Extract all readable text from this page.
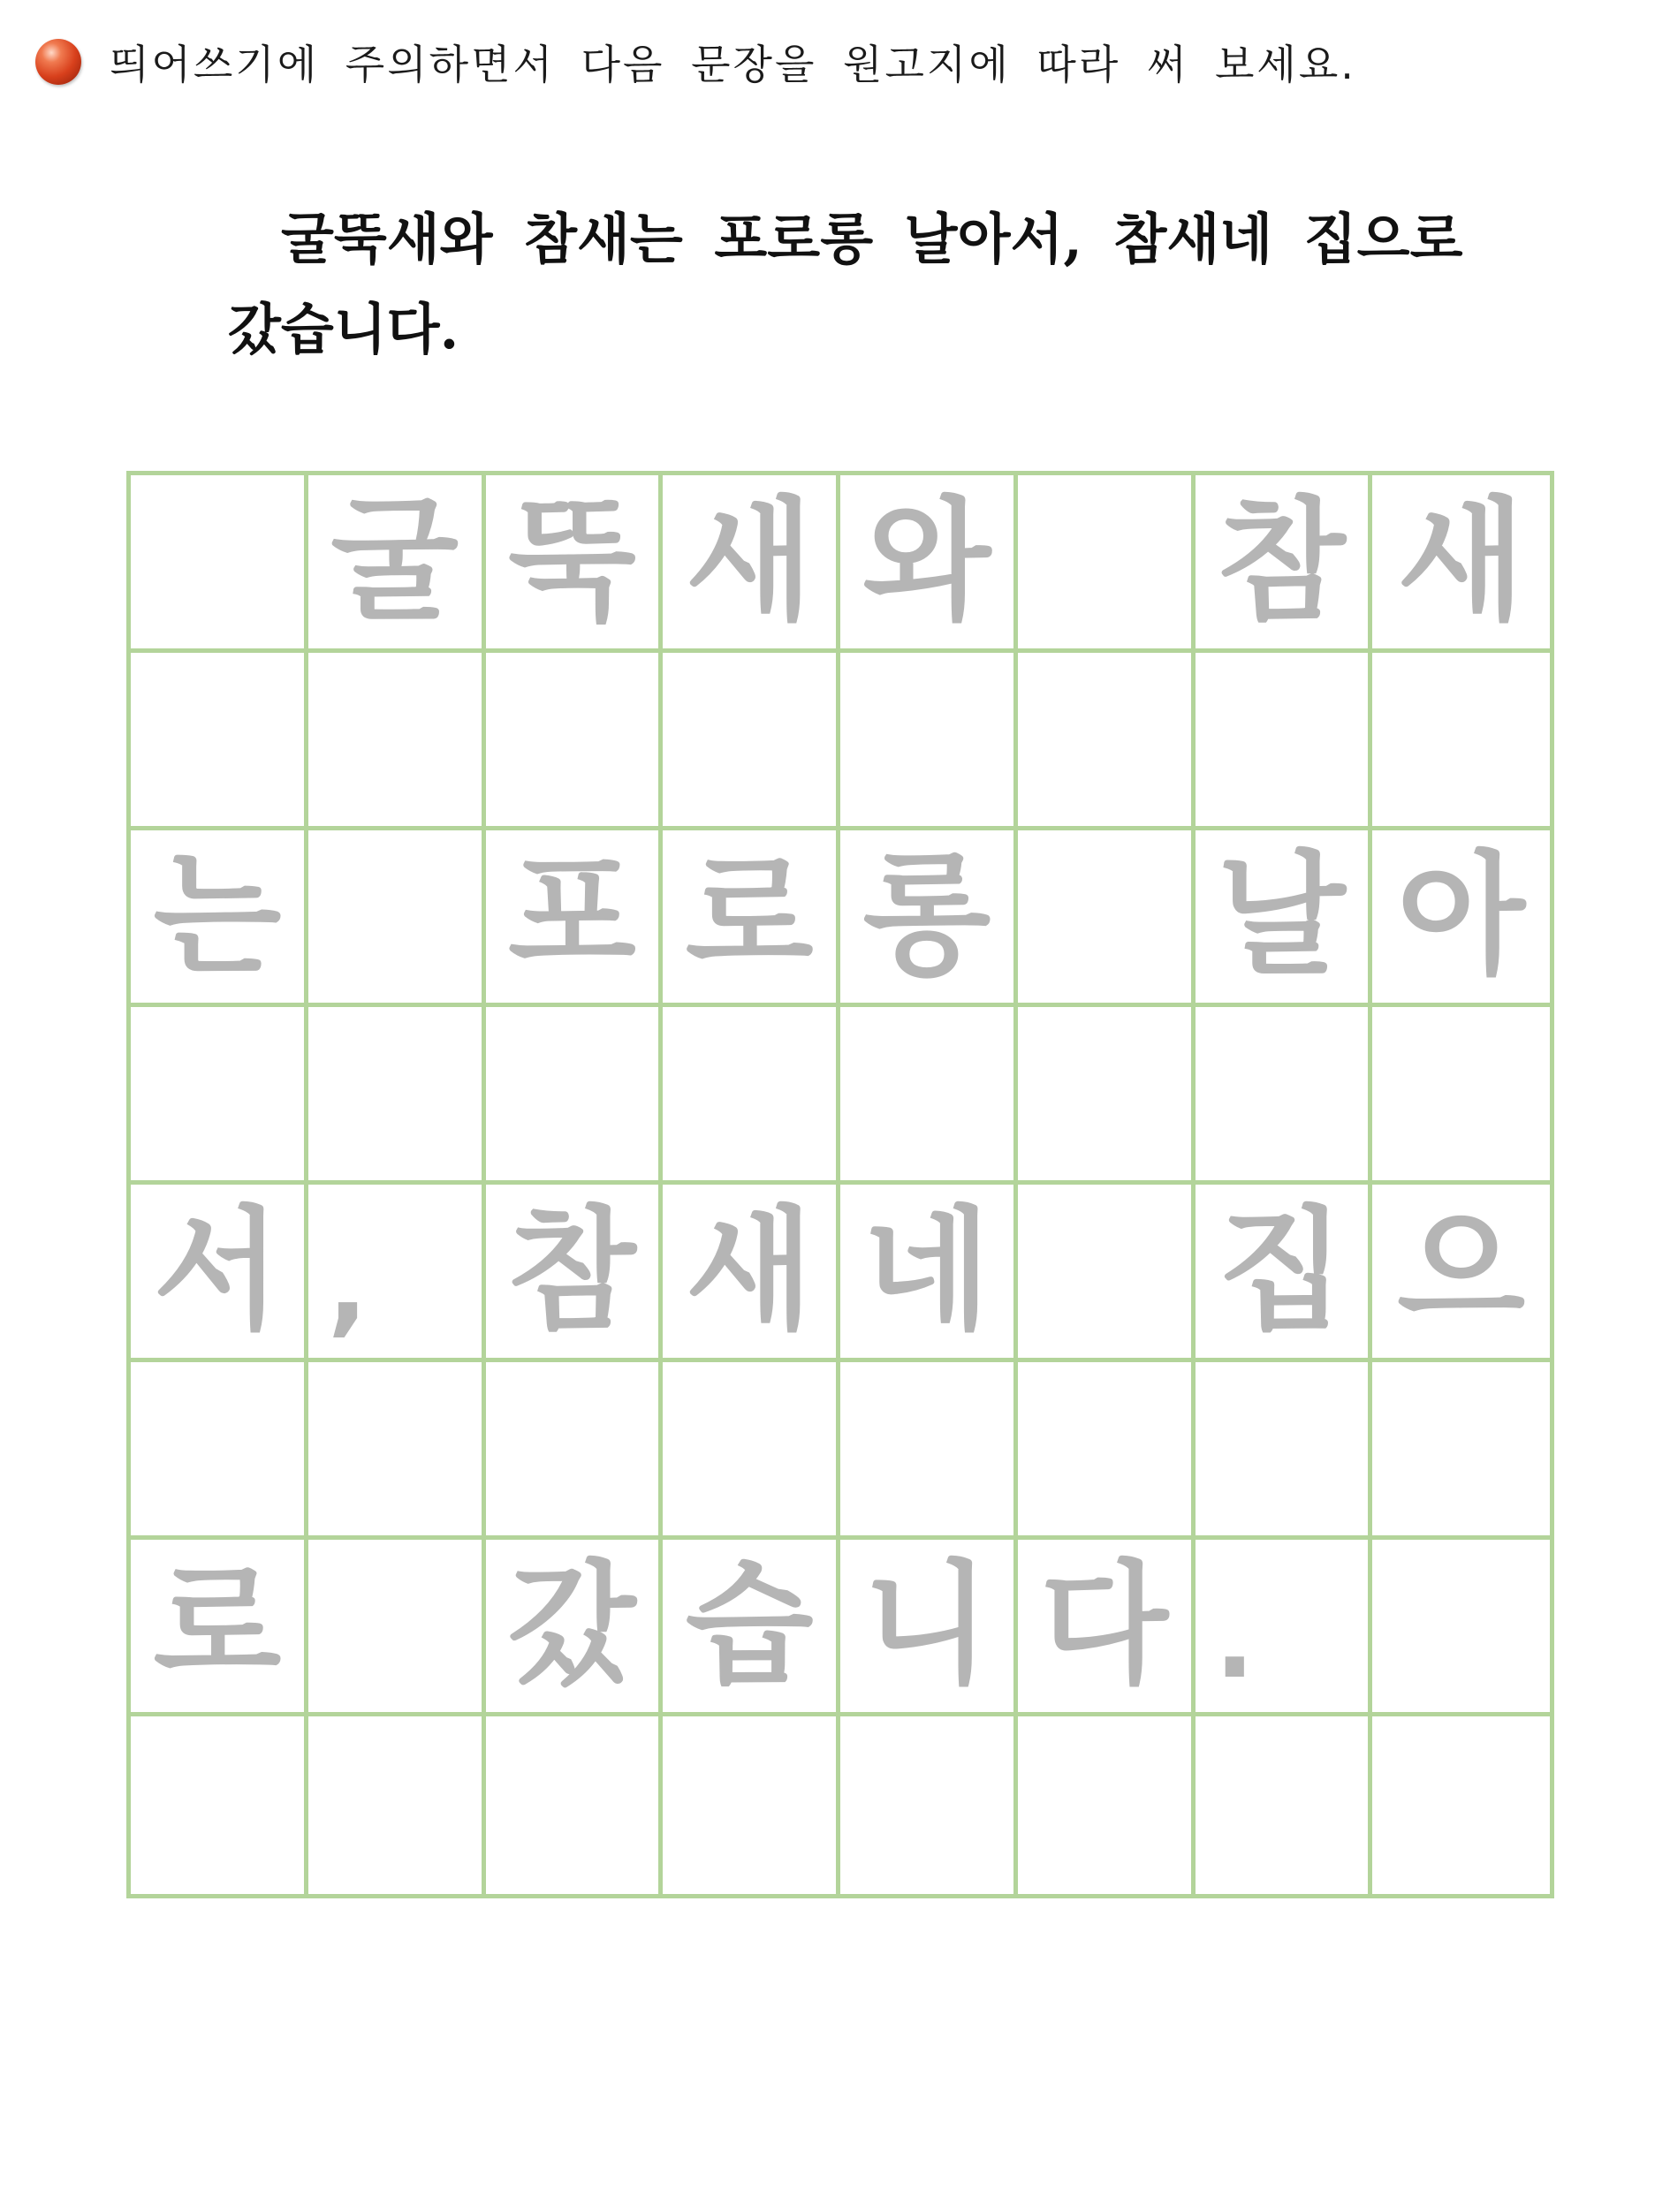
띄어쓰기에 주의하면서 다음 문장을 원고지에 따라 써 보세요.
굴뚝새와 참새는 포로롱 날아서, 참새네 집으로
갔습니다.
굴 뚝 새 와 참 새
는 포 로 롱 날 아
서 ,	참 새 네 집 으
로 갔 습 니 다 .
